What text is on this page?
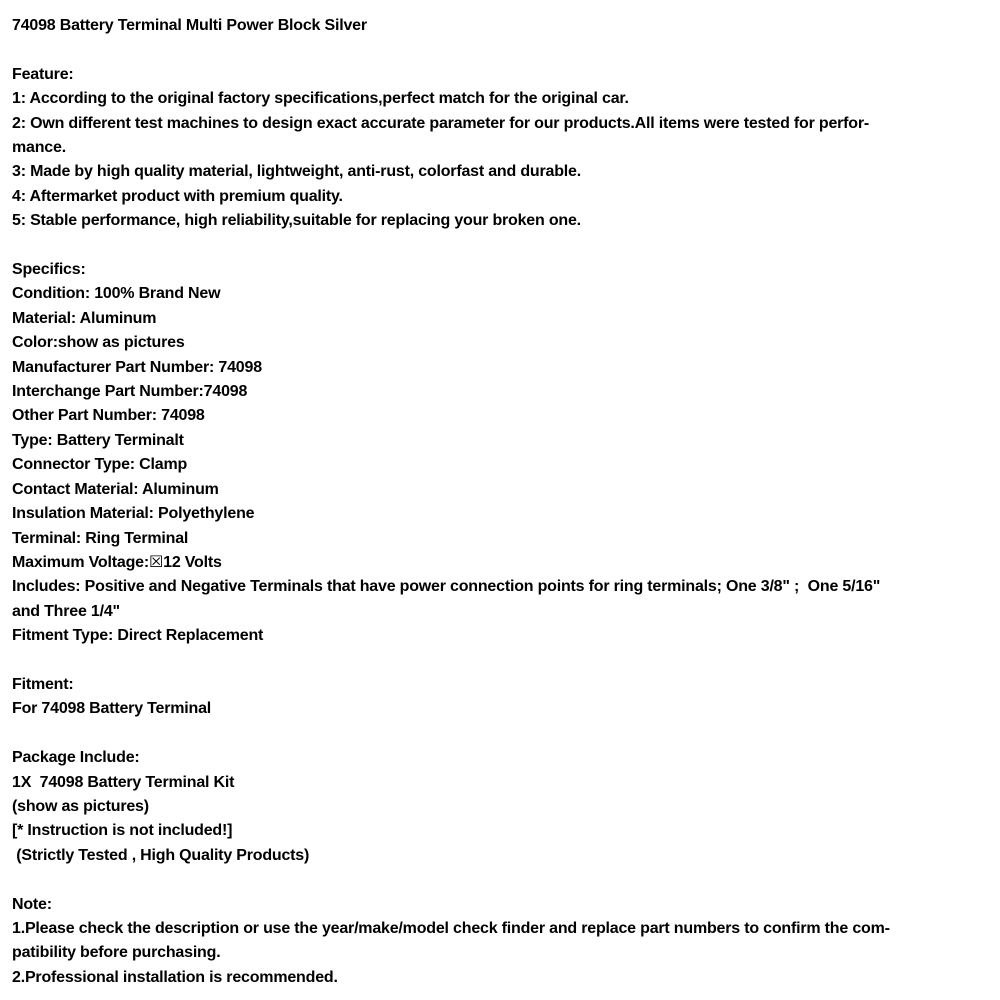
74098 Battery Terminal Multi Power Block Silver
Feature:
1: According to the original factory specifications,perfect match for the original car.
2: Own different test machines to design exact accurate parameter for our products.All items were tested for perfor-
mance.
3: Made by high quality material, lightweight, anti-rust, colorfast and durable.
4: Aftermarket product with premium quality.
5: Stable performance, high reliability,suitable for replacing your broken one.
Specifics:
Condition: 100% Brand New
Material: Aluminum
Color:show as pictures
Manufacturer Part Number: 74098
Interchange Part Number:74098
Other Part Number: 74098
Type: Battery Terminalt
Connector Type: Clamp
Contact Material: Aluminum
Insulation Material: Polyethylene
Terminal: Ring Terminal
Maximum Voltage:☒12 Volts
Includes: Positive and Negative Terminals that have power connection points for ring terminals; One 3/8" ;  One 5/16"
and Three 1/4"
Fitment Type: Direct Replacement
Fitment:
For 74098 Battery Terminal
Package Include:
1X  74098 Battery Terminal Kit
(show as pictures)
[* Instruction is not included!]
(Strictly Tested , High Quality Products)
Note:
1.Please check the description or use the year/make/model check finder and replace part numbers to confirm the com-
patibility before purchasing.
2.Professional installation is recommended.
